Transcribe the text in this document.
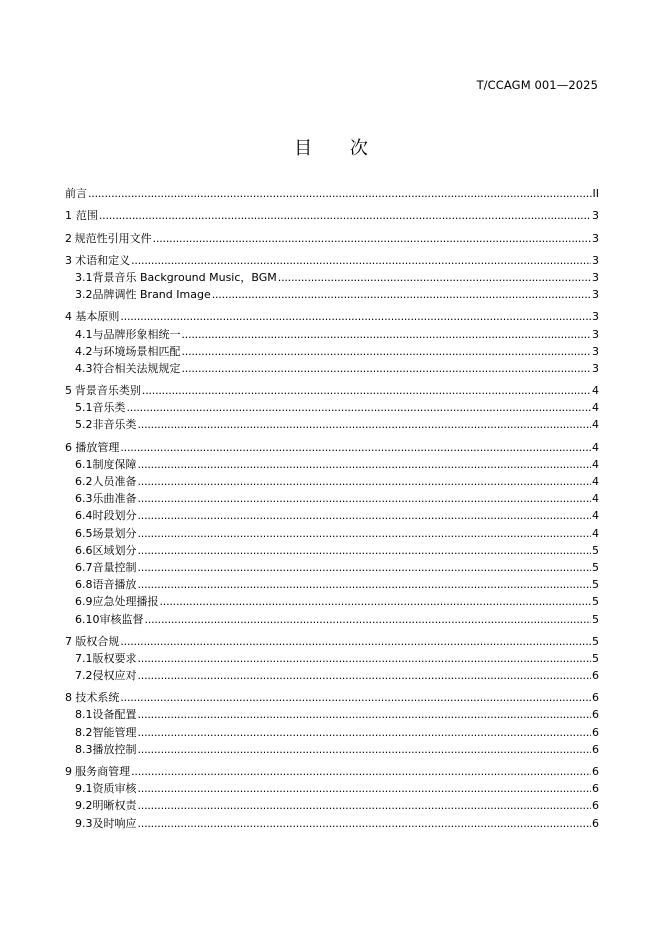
T/CCAGM 001—2025
目 次
前言 .....	II
1 范围 .....	3
2 规范性引用文件 .....	3
3 术语和定义 .....	3
3.1 背景音乐 Background Music，BGM .....	3
3.2 品牌调性 Brand Image .....	3
4 基本原则 .....	3
4.1 与品牌形象相统一 .....	3
4.2 与环境场景相匹配 .....	3
4.3 符合相关法规规定 .....	3
5 背景音乐类别 .....	4
5.1 音乐类 .....	4
5.2 非音乐类 .....	4
6 播放管理 .....	4
6.1 制度保障 .....	4
6.2 人员准备 .....	4
6.3 乐曲准备 .....	4
6.4 时段划分 .....	4
6.5 场景划分 .....	4
6.6 区域划分 .....	5
6.7 音量控制 .....	5
6.8 语音播放 .....	5
6.9 应急处理播报 .....	5
6.10 审核监督 .....	5
7 版权合规 .....	5
7.1 版权要求 .....	5
7.2 侵权应对 .....	6
8 技术系统 .....	6
8.1 设备配置 .....	6
8.2 智能管理 .....	6
8.3 播放控制 .....	6
9 服务商管理 .....	6
9.1 资质审核 .....	6
9.2 明晰权责 .....	6
9.3 及时响应 .....	6
